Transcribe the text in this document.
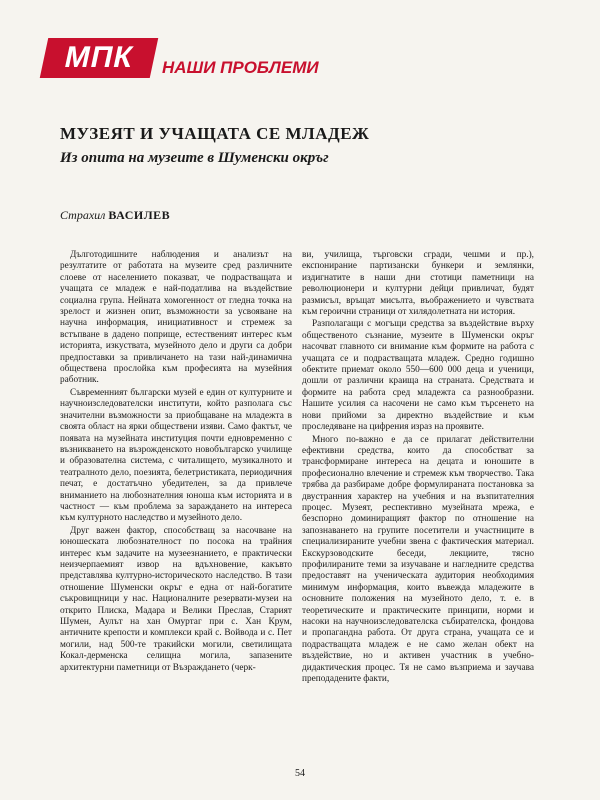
МПК	НАШИ ПРОБЛЕМИ
МУЗЕЯТ И УЧАЩАТА СЕ МЛАДЕЖ
Из опита на музеите в Шуменски окръг
Страхил ВАСИЛЕВ

Дълготодишните наблюдения и анализът на резултатите от работата на музеите сред различните слоеве от населението показват, че подрастващата и учащата се младеж е най-податлива на въздействие социална група. Нейната хомогенност от гледна точка на зрелост и жизнен опит, възможности за усвояване на научна информация, инициативност и стремеж за встъпване в дадено поприще, естественият интерес към историята, изкуствата, музейното дело и други са добри предпоставки за привличането на тази най-динамична обществена прослойка към професията на музейния работник.

Съвременният български музей е един от културните и научноизследователски институти, който разполага със значителни възможности за приобщаване на младежта в своята област на ярки обществени изяви. Само фактът, че появата на музейната институция почти едновременно с възникването на възрожденското новобългарско училище и образователна система, с читалището, музикалното и театралното дело, поезията, белетристиката, периодичния печат, е достатъчно убедителен, за да привлече вниманието на любознателния юноша към историята и в частност — към проблема за зараждането на интереса към културното наследство и музейното дело.

Друг важен фактор, способстващ за насочване на юношеската любознателност по посока на трайния интерес към задачите на музеезнанието, е практически неизчерпаемият извор на вдъхновение, какъвто представлява културно-историческото наследство. В тази отношение Шуменски окръг е една от най-богатите съкровищници у нас. Националните резервати-музеи на открито Плиска, Мадара и Велики Преслав, Старият Шумен, Аулът на хан Омуртаг при с. Хан Крум, античните крепости и комплекси край с. Войвода и с. Пет могили, над 500-те тракийски могили, светилищата Кокал-дерменска селищна могила, запазените архитектурни паметници от Възраждането (черк-

ви, училища, търговски сгради, чешми и пр.), експонирание партизански бункери и землянки, издигнатите в наши дни стотици паметници на революционери и културни дейци привличат, будят размисъл, връщат мисълта, въображението и чувствата към героични страници от хилядолетната ни история.

Разполагащи с могъщи средства за въздействие върху общественото съзнание, музеите в Шуменски окръг насочват главното си внимание към формите на работа с учащата се и подрастващата младеж. Средно годишно обектите приемат около 550—600 000 деца и ученици, дошли от различни краища на страната. Средствата и формите на работа сред младежта са разнообразни. Нашите усилия са насочени не само към търсенето на нови прийоми за директно въздействие и към проследяване на цифрения израз на проявите.

Много по-важно е да се прилагат действителни ефективни средства, които да способстват за трансформиране интереса на децата и юношите в професионално влечение и стремеж към творчество. Така трябва да разбираме добре формулираната постановка за двустранния характер на учебния и на възпитателния процес. Музеят, респективно музейната мрежа, е безспорно доминиращият фактор по отношение на запознаването на групите посетители и участниците в специализираните учебни звена с фактическия материал. Екскурзоводските беседи, лекциите, тясно профилираните теми за изучаване и нагледните средства предоставят на ученическата аудитория необходимия минимум информация, които въвежда младежите в основните положения на музейното дело, т. е. в теоретическите и практическите принципи, норми и насоки на научноизследователска събирателска, фондова и пропагандна работа. От друга страна, учащата се и подрастващата младеж е не само желан обект на въздействие, но и активен участник в учебно-дидактическия процес. Тя не само възприема и заучава преподадените факти,

54
